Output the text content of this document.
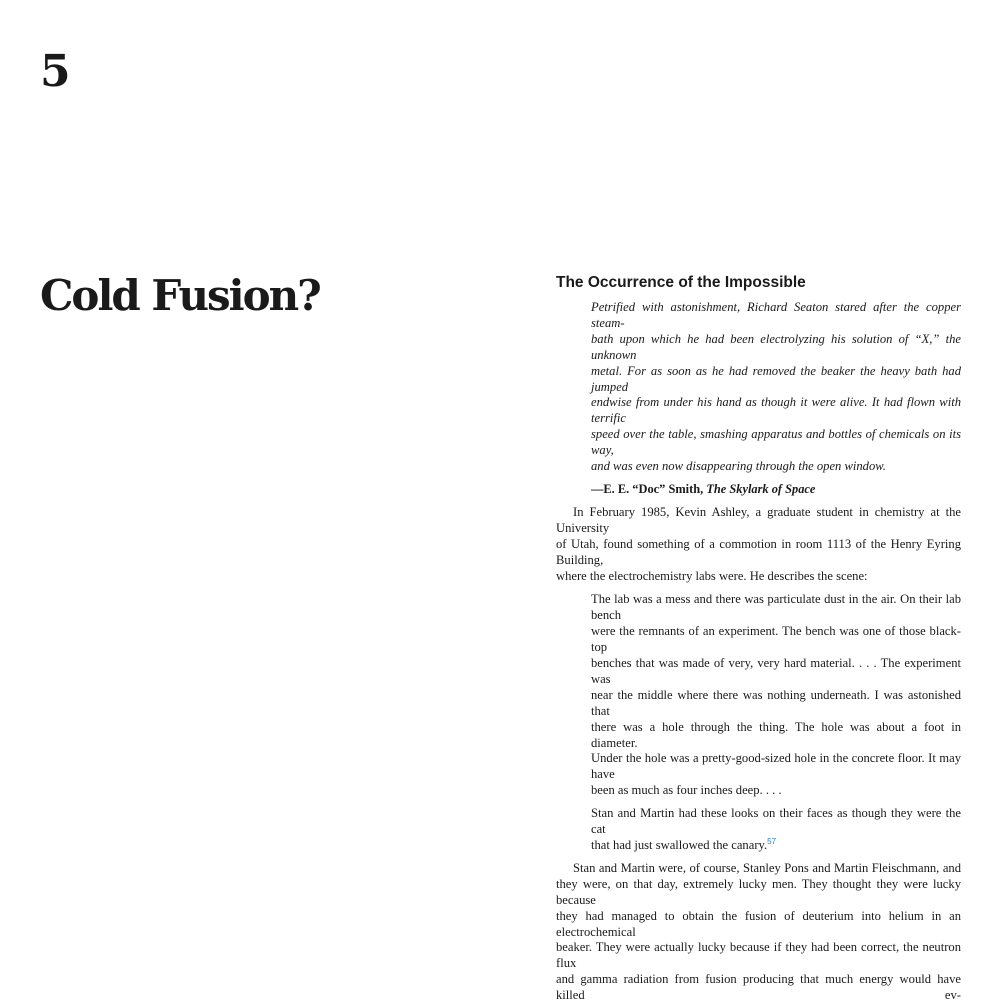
5
Cold Fusion?	The Occurrence of the Impossible
Petrified with astonishment, Richard Seaton stared after the copper steam-
bath upon which he had been electrolyzing his solution of “X,” the unknown
metal. For as soon as he had removed the beaker the heavy bath had jumped
endwise from under his hand as though it were alive. It had flown with terrific
speed over the table, smashing apparatus and bottles of chemicals on its way,
and was even now disappearing through the open window.
—E. E. “Doc” Smith, The Skylark of Space
In February 1985, Kevin Ashley, a graduate student in chemistry at the University
of Utah, found something of a commotion in room 1113 of the Henry Eyring Building,
where the electrochemistry labs were. He describes the scene:

The lab was a mess and there was particulate dust in the air. On their lab bench
were the remnants of an experiment. The bench was one of those black-top
benches that was made of very, very hard material. . . . The experiment was
near the middle where there was nothing underneath. I was astonished that
there was a hole through the thing. The hole was about a foot in diameter.
Under the hole was a pretty-good-sized hole in the concrete floor. It may have
been as much as four inches deep. . . .

Stan and Martin had these looks on their faces as though they were the cat
that had just swallowed the canary.$^{57}$

Stan and Martin were, of course, Stanley Pons and Martin Fleischmann, and
they were, on that day, extremely lucky men. They thought they were lucky because
they had managed to obtain the fusion of deuterium into helium in an electrochemical
beaker. They were actually lucky because if they had been correct, the neutron flux
and gamma radiation from fusion producing that much energy would have killed ev-
